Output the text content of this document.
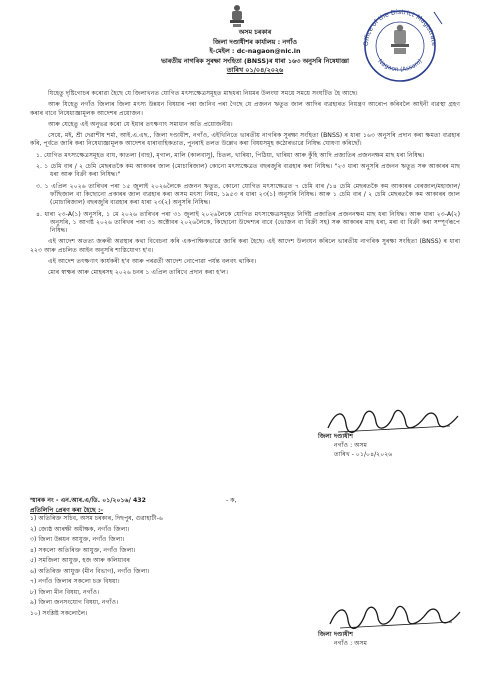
অসম চৰকাৰ
জিলা দণ্ডাধীশৰ কাৰ্যালয় : নগাঁও
ই-মেইল : dc-nagaon@nic.in
ভাৰতীয় নাগৰিক সুৰক্ষা সংহিতা (BNSS)ৰ ধাৰা ১৬৩ অনুসৰি নিষেধাজ্ঞা
তাৰিখ ০১/০৪/২০২৬
Office of the District Magistrate
Nagaon (Assam)

যিহেতু দৃষ্টিগোচৰ কৰোৱা হৈছে যে জিলাখনত যোগিত মৎস্যক্ষেত্ৰসমূহত মাছধৰা নিয়মৰ উলংঘা সময়ে সময়ে সংঘটিত হৈ আছে।

আৰু যিহেতু নগাঁও জিলাৰ জিলা মৎস্য উন্নয়ন বিষয়াৰ পৰা জানিব পৰা গৈছে যে প্ৰজনন ঋতুত জাল আদিৰ ব্যৱহাৰত নিয়ন্ত্ৰণ আৰোপ কৰিবলৈ আইনী ব্যৱস্থা গ্ৰহণ কৰাৰ বাবে নিষেধাজ্ঞামূলক আদেশৰ প্ৰয়োজন।

আৰু যেহেতু এই অনুভৱ কৰো যে ইয়াৰ তৎক্ষণাৎ সমাধান অতি প্ৰয়োজনীয়।

সেয়ে, মই, শ্ৰী দেৱাশীষ শৰ্মা, আই.এ.এছ., জিলা দণ্ডাধীশ, নগাঁও, এইখিনিতে ভাৰতীয় নাগৰিক সুৰক্ষা সংহিতা (BNSS) ৰ ধাৰা ১৬৩ অনুসৰি প্ৰদান কৰা ক্ষমতা ব্যৱহাৰ কৰি, পূৰ্বতে জাৰি কৰা নিষেধাজ্ঞামূলক আদেশৰ ধাৰাবাহিকতাত, পুনৰাই তলত উল্লেখ কৰা বিষয়সমূহ কঠোৰভাৱে নিষিদ্ধ ঘোষণা কৰিছোঁ।

১. যোগিত মৎস্যক্ষেত্ৰসমূহত বাঘ, কাতলা (বাহু), মৃগাল, মালি (কালবাসু), চিতল, খাৰিয়া, পিঠিয়া, খাৰিয়া আৰু কুঁহি আদি প্ৰজাতিৰ প্ৰজননক্ষম মাছ ধৰা নিষিদ্ধ।
২. ১ চেমি বাৰ / ২ চেমি মেছৰতকৈ কম আকাৰৰ জাল (মোচাৰিজাল) কোনো মৎস্যক্ষেত্ৰত বছৰজুৰি ব্যৱহাৰ কৰা নিষিদ্ধ। "২৩ ধাৰা অনুসৰি প্ৰজনন ঋতুত সৰু আকাৰৰ মাছ ধৰা আৰু বিক্ৰী কৰা নিষিদ্ধ।"
৩. ১ এপ্ৰিল ২০২৬ তাৰিখৰ পৰা ১৫ জুলাই ২০২৬লৈকে প্ৰজনন ঋতুত, কোনো যোগিত মৎস্যক্ষেত্ৰত ৭ চেমি বাৰ /১৪ চেমি মেছৰতকৈ কম আকাৰৰ বেৰজাল/মহাজাল/ফাঁছিজাল বা কিছোনো প্ৰকাৰৰ জাল ব্যৱহাৰ কৰা অসম মৎস্য নিয়ম, ১৯৫৩ ৰ ধাৰা ২৩(১) অনুসৰি নিষিদ্ধ। আৰু ১ চেমি বাৰ / ২ চেমি মেছৰতকৈ কম আকাৰৰ জাল (মোচাৰিজাল) বছৰজুৰি ব্যৱহাৰ কৰা ধাৰা ২৩(২) অনুসৰি নিষিদ্ধ।
৪. ধাৰা ২৩-A(১) অনুসৰি, ১ মে ২০২৬ তাৰিখৰ পৰা ৩১ জুলাই ২০২৬লৈকে যোগিত মৎস্যক্ষেত্ৰসমূহত নিৰ্দিষ্ট প্ৰজাতিৰ প্ৰজননক্ষম মাছ ধৰা নিষিদ্ধ। আৰু ধাৰা ২৩-A(২) অনুসৰি, ১ আগষ্ট ২০২৬ তাৰিখৰ পৰা ৩১ অক্টোবৰ ২০২৬লৈকে, কিছোনো উদ্দেশ্যৰ বাবে (ভোজন বা বিক্ৰী সহ) সৰু আকাৰৰ মাছ ধৰা, মৰা বা বিক্ৰী কৰা সম্পূৰ্ণৰূপে নিষিদ্ধ।

এই আদেশ অতত্য জৰুৰী অৱস্থাৰ কথা বিবেচনা কৰি একপাক্ষিকভাৱে জাৰি কৰা হৈছে। এই আদেশ উলংঘন কৰিলে ভাৰতীয় নাগৰিক সুৰক্ষা সংহিতা (BNSS) ৰ ধাৰা ২২৩ আৰু প্ৰচলিত আইন অনুসৰি শাস্তিযোগ্য হ'ব।

এই আদেশ তৎক্ষণাৎ কাৰ্যকৰী হ'ব আৰু পৰৱৰ্তী আদেশ নোপোৱা পৰ্যন্ত বলবৎ থাকিব।

মোৰ স্বাক্ষৰ আৰু মোহৰসহ ২০২৬ চনৰ ১ এপ্ৰিল তাৰিখে প্ৰদান কৰা হ'ল।

জিলা দণ্ডাধীশ
নগাঁও : অসম
তাৰিখ - ০১/০৪/২০২৬
স্মাৰক নং - এন.আৰ.এ/ডি. ০১/২০১৬/ 432	- ক,
প্ৰতিলিপি প্ৰেৰণ কৰা হৈছে :-
১) অতিৰিক্ত সচিব, অসম চৰকাৰ, দিছপুৰ, গুৱাহাটী-৬
২) জ্যেষ্ঠ আৰক্ষী অধীক্ষক, নগাঁও জিলা।
৩) জিলা উন্নয়ন আযুক্ত, নগাঁও জিলা।
৪) সকলো অতিৰিক্ত আযুক্ত, নগাঁও জিলা।
৫) সমজিলা আযুক্ত, হজ আৰু কলিয়াবৰ
৬) অতিৰিক্ত আযুক্ত (মীন বিভাগ), নগাঁও জিলা।
৭) নগাঁও জিলাৰ সকলো চক্ৰ বিষয়া।
৮) জিলা মীন বিষয়া, নগাঁও।
৯) জিলা জনসংযোগ বিষয়া, নগাঁও।
১০) সংশ্লিষ্ট সকলোলৈ।
জিলা দণ্ডাধীশ
নগাঁও : অসম
